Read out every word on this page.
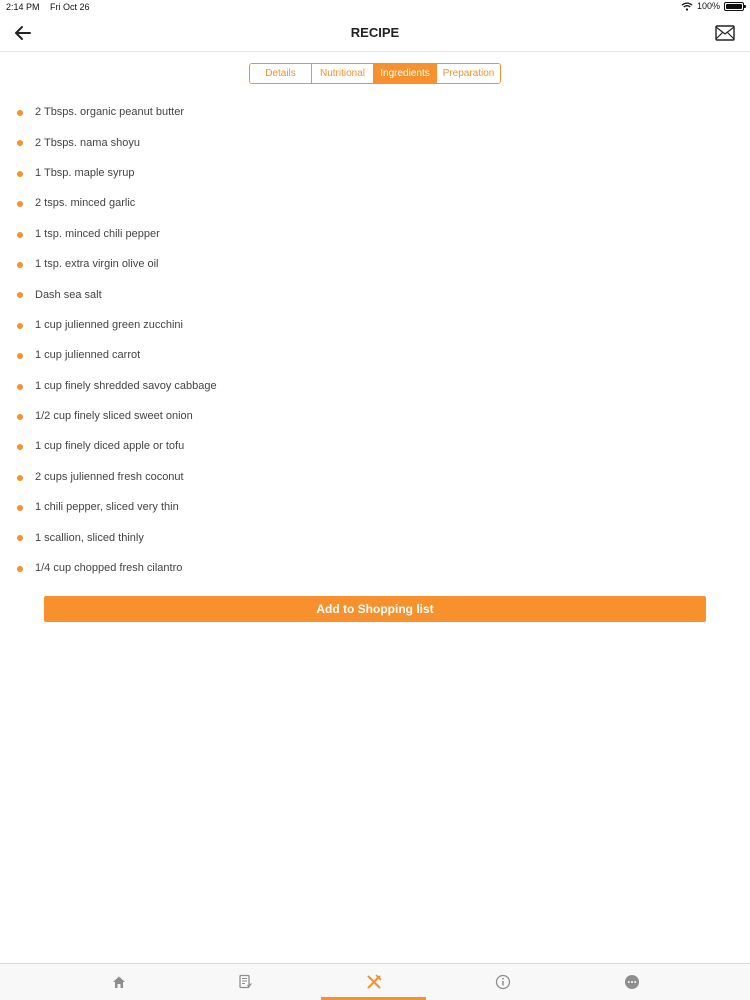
2:14 PM Fri Oct 26	100%
RECIPE
Details	Nutritional	Ingredients	Preparation
2 Tbsps. organic peanut butter
2 Tbsps. nama shoyu
1 Tbsp. maple syrup
2 tsps. minced garlic
1 tsp. minced chili pepper
1 tsp. extra virgin olive oil
Dash sea salt
1 cup julienned green zucchini
1 cup julienned carrot
1 cup finely shredded savoy cabbage
1/2 cup finely sliced sweet onion
1 cup finely diced apple or tofu
2 cups julienned fresh coconut
1 chili pepper, sliced very thin
1 scallion, sliced thinly
1/4 cup chopped fresh cilantro
Add to Shopping list
